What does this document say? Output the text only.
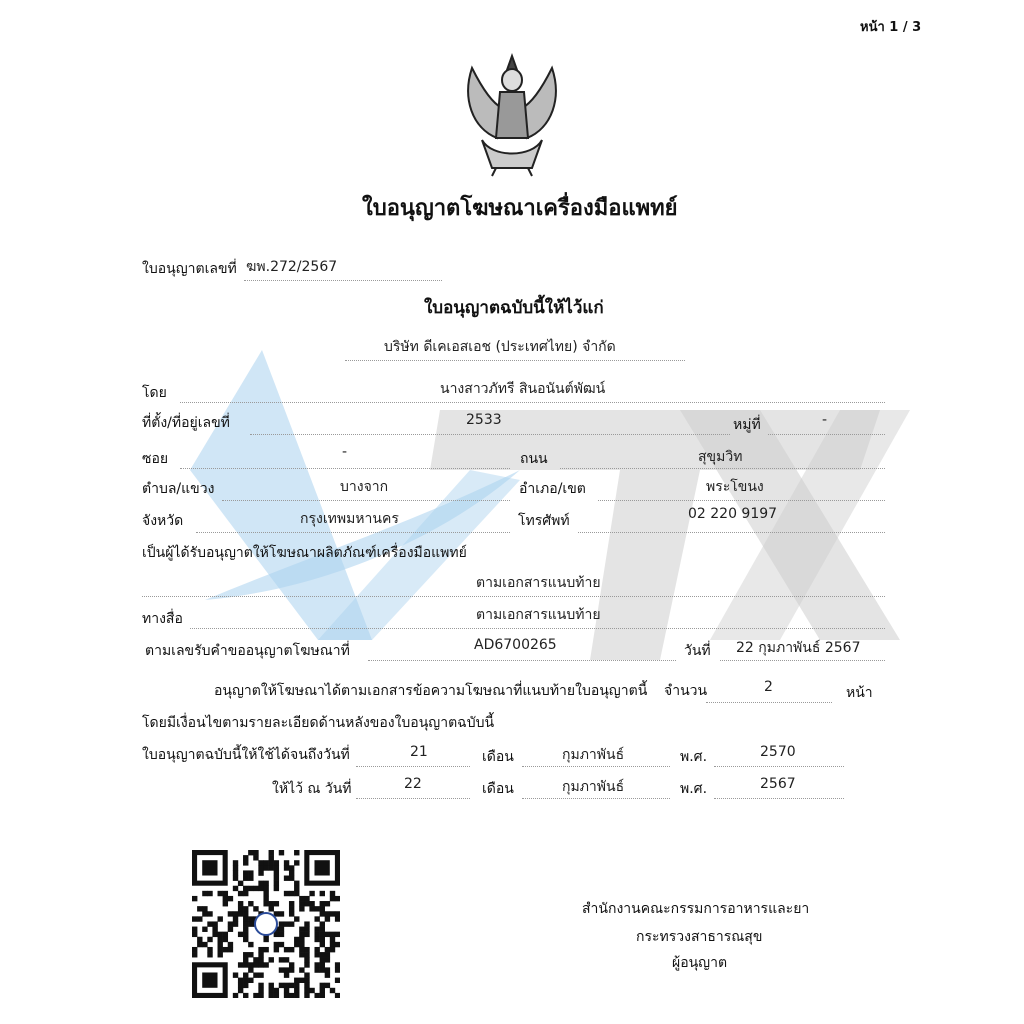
หน้า 1 / 3
ใบอนุญาตโฆษณาเครื่องมือแพทย์
ใบอนุญาตเลขที่ ฆพ.272/2567
ใบอนุญาตฉบับนี้ให้ไว้แก่
บริษัท ดีเคเอสเอช (ประเทศไทย) จำกัด
โดย	นางสาวภัทรี สินอนันต์พัฒน์
ที่ตั้ง/ที่อยู่เลขที่	2533	หมู่ที่	-
ซอย	-	ถนน	สุขุมวิท
ตำบล/แขวง	บางจาก	อำเภอ/เขต	พระโขนง
จังหวัด	กรุงเทพมหานคร	โทรศัพท์	02 220 9197
เป็นผู้ได้รับอนุญาตให้โฆษณาผลิตภัณฑ์เครื่องมือแพทย์
ตามเอกสารแนบท้าย
ทางสื่อ	ตามเอกสารแนบท้าย
ตามเลขรับคำขออนุญาตโฆษณาที่	AD6700265	วันที่ 22 กุมภาพันธ์ 2567
อนุญาตให้โฆษณาได้ตามเอกสารข้อความโฆษณาที่แนบท้ายใบอนุญาตนี้ จำนวน	2	หน้า
โดยมีเงื่อนไขตามรายละเอียดด้านหลังของใบอนุญาตฉบับนี้
ใบอนุญาตฉบับนี้ให้ใช้ได้จนถึงวันที่	21	เดือน	กุมภาพันธ์	พ.ศ.	2570
ให้ไว้ ณ วันที่	22	เดือน	กุมภาพันธ์	พ.ศ.	2567
สำนักงานคณะกรรมการอาหารและยา
กระทรวงสาธารณสุข
ผู้อนุญาต
